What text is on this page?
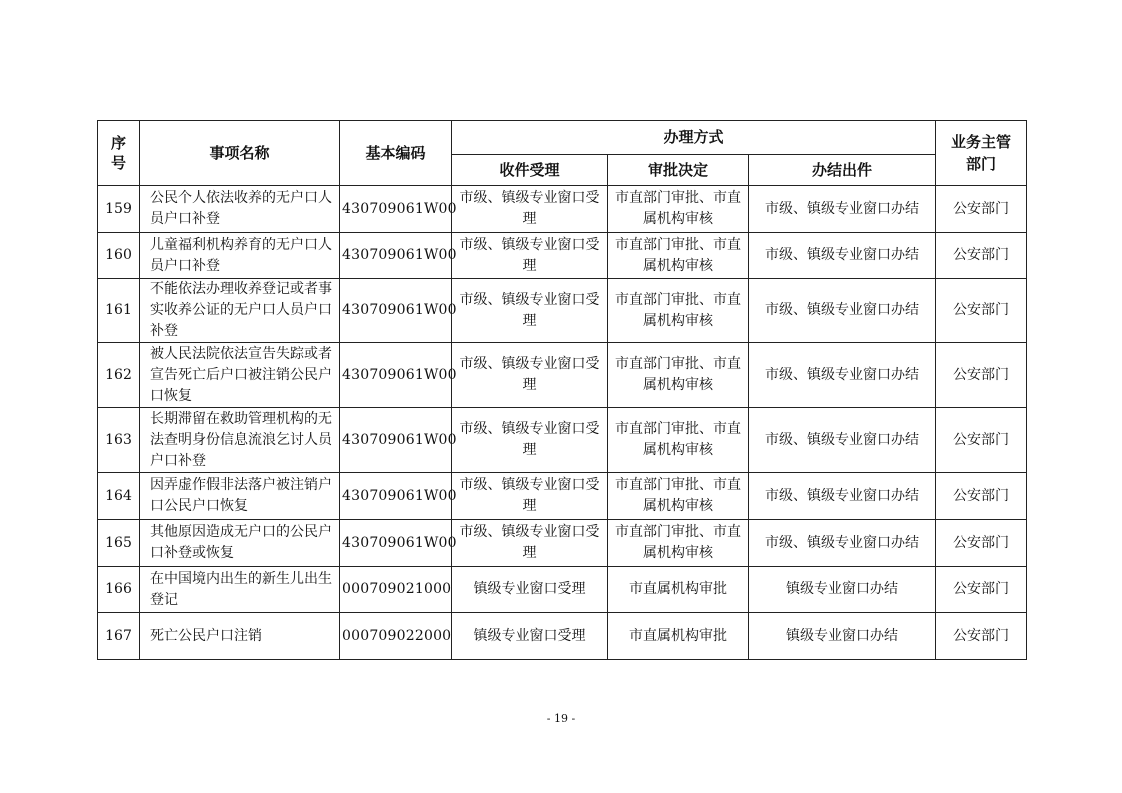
序号	事项名称	基本编码	办理方式			业务主管部门
			收件受理	审批决定	办结出件	
159	公民个人依法收养的无户口人员户口补登	430709061W00	市级、镇级专业窗口受理	市直部门审批、市直属机构审核	市级、镇级专业窗口办结	公安部门
160	儿童福利机构养育的无户口人员户口补登	430709061W00	市级、镇级专业窗口受理	市直部门审批、市直属机构审核	市级、镇级专业窗口办结	公安部门
161	不能依法办理收养登记或者事实收养公证的无户口人员户口补登	430709061W00	市级、镇级专业窗口受理	市直部门审批、市直属机构审核	市级、镇级专业窗口办结	公安部门
162	被人民法院依法宣告失踪或者宣告死亡后户口被注销公民户口恢复	430709061W00	市级、镇级专业窗口受理	市直部门审批、市直属机构审核	市级、镇级专业窗口办结	公安部门
163	长期滞留在救助管理机构的无法查明身份信息流浪乞讨人员户口补登	430709061W00	市级、镇级专业窗口受理	市直部门审批、市直属机构审核	市级、镇级专业窗口办结	公安部门
164	因弄虚作假非法落户被注销户口公民户口恢复	430709061W00	市级、镇级专业窗口受理	市直部门审批、市直属机构审核	市级、镇级专业窗口办结	公安部门
165	其他原因造成无户口的公民户口补登或恢复	430709061W00	市级、镇级专业窗口受理	市直部门审批、市直属机构审核	市级、镇级专业窗口办结	公安部门
166	在中国境内出生的新生儿出生登记	000709021000	镇级专业窗口受理	市直属机构审批	镇级专业窗口办结	公安部门
167	死亡公民户口注销	000709022000	镇级专业窗口受理	市直属机构审批	镇级专业窗口办结	公安部门
- 19 -
